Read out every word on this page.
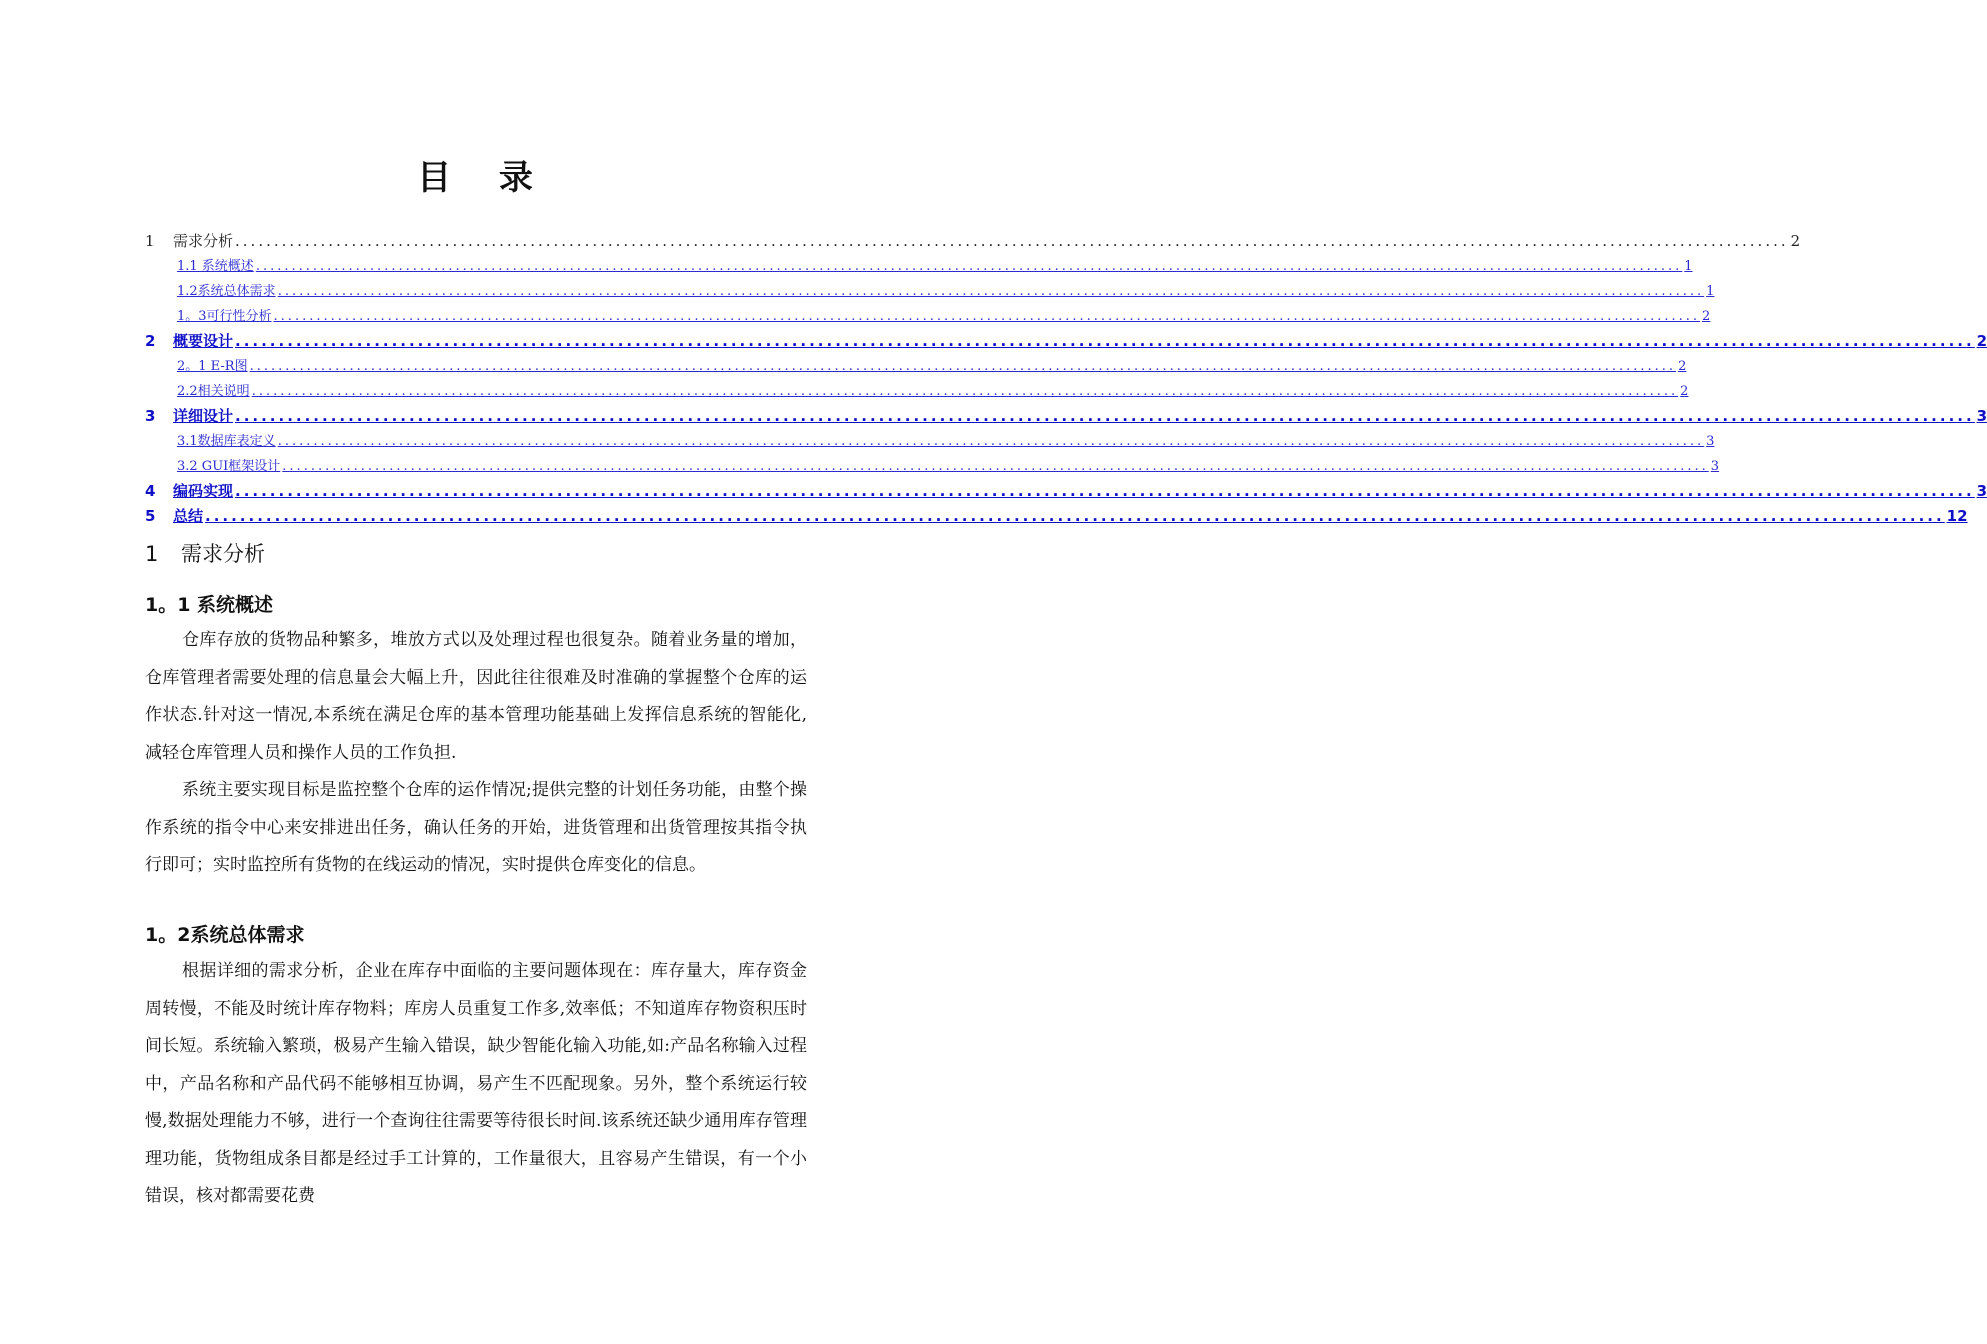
目 录
1 需求分析 ........................................................................................................................................................................................................ 2
1.1 系统概述 ........................................................................................................................................................................................................ 1
1.2系统总体需求 ........................................................................................................................................................................................................ 1
1。3可行性分析 ........................................................................................................................................................................................................ 2
2 概要设计 ........................................................................................................................................................................................................ 2
2。1 E-R图 ........................................................................................................................................................................................................ 2
2.2相关说明 ........................................................................................................................................................................................................ 2
3 详细设计 ........................................................................................................................................................................................................ 3
3.1数据库表定义 ........................................................................................................................................................................................................ 3
3.2 GUI框架设计 ........................................................................................................................................................................................................ 3
4 编码实现 ........................................................................................................................................................................................................ 3
5 总结 ........................................................................................................................................................................................................ 12
1 需求分析
1。1 系统概述

仓库存放的货物品种繁多，堆放方式以及处理过程也很复杂。随着业务量的增加，仓库管理者需要处理的信息量会大幅上升，因此往往很难及时准确的掌握整个仓库的运作状态.针对这一情况,本系统在满足仓库的基本管理功能基础上发挥信息系统的智能化,减轻仓库管理人员和操作人员的工作负担.

系统主要实现目标是监控整个仓库的运作情况;提供完整的计划任务功能，由整个操作系统的指令中心来安排进出任务，确认任务的开始，进货管理和出货管理按其指令执行即可；实时监控所有货物的在线运动的情况，实时提供仓库变化的信息。

1。2系统总体需求

根据详细的需求分析，企业在库存中面临的主要问题体现在：库存量大，库存资金周转慢，不能及时统计库存物料；库房人员重复工作多,效率低；不知道库存物资积压时间长短。系统输入繁琐，极易产生输入错误，缺少智能化输入功能,如:产品名称输入过程中，产品名称和产品代码不能够相互协调，易产生不匹配现象。另外，整个系统运行较慢,数据处理能力不够，进行一个查询往往需要等待很长时间.该系统还缺少通用库存管理理功能，货物组成条目都是经过手工计算的，工作量很大，且容易产生错误，有一个小错误，核对都需要花费
